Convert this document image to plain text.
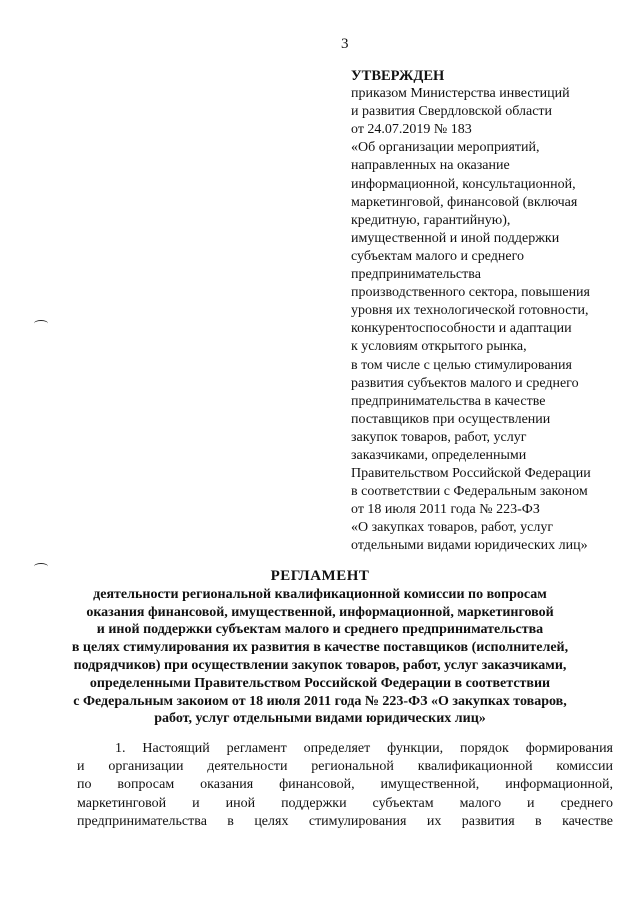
3
УТВЕРЖДЕН
приказом Министерства инвестиций
и развития Свердловской области
от 24.07.2019 № 183
«Об организации мероприятий,
направленных на оказание
информационной, консультационной,
маркетинговой, финансовой (включая
кредитную, гарантийную),
имущественной и иной поддержки
субъектам малого и среднего
предпринимательства
производственного сектора, повышения
уровня их технологической готовности,
конкурентоспособности и адаптации
к условиям открытого рынка,
в том числе с целью стимулирования
развития субъектов малого и среднего
предпринимательства в качестве
поставщиков при осуществлении
закупок товаров, работ, услуг
заказчиками, определенными
Правительством Российской Федерации
в соответствии с Федеральным законом
от 18 июля 2011 года № 223-ФЗ
«О закупках товаров, работ, услуг
отдельными видами юридических лиц»
РЕГЛАМЕНТ
деятельности региональной квалификационной комиссии по вопросам
оказания финансовой, имущественной, информационной, маркетинговой
и иной поддержки субъектам малого и среднего предпринимательства
в целях стимулирования их развития в качестве поставщиков (исполнителей,
подрядчиков) при осуществлении закупок товаров, работ, услуг заказчиками,
определенными Правительством Российской Федерации в соответствии
с Федеральным закоиом от 18 июля 2011 года № 223-ФЗ «О закупках товаров,
работ, услуг отдельными видами юридических лиц»
1. Настоящий регламент определяет функции, порядок формирования
и организации деятельности региональной квалификационной комиссии
по вопросам оказания финансовой, имущественной, информационной,
маркетинговой и иной поддержки субъектам малого и среднего
предпринимательства в целях стимулирования их развития в качестве
